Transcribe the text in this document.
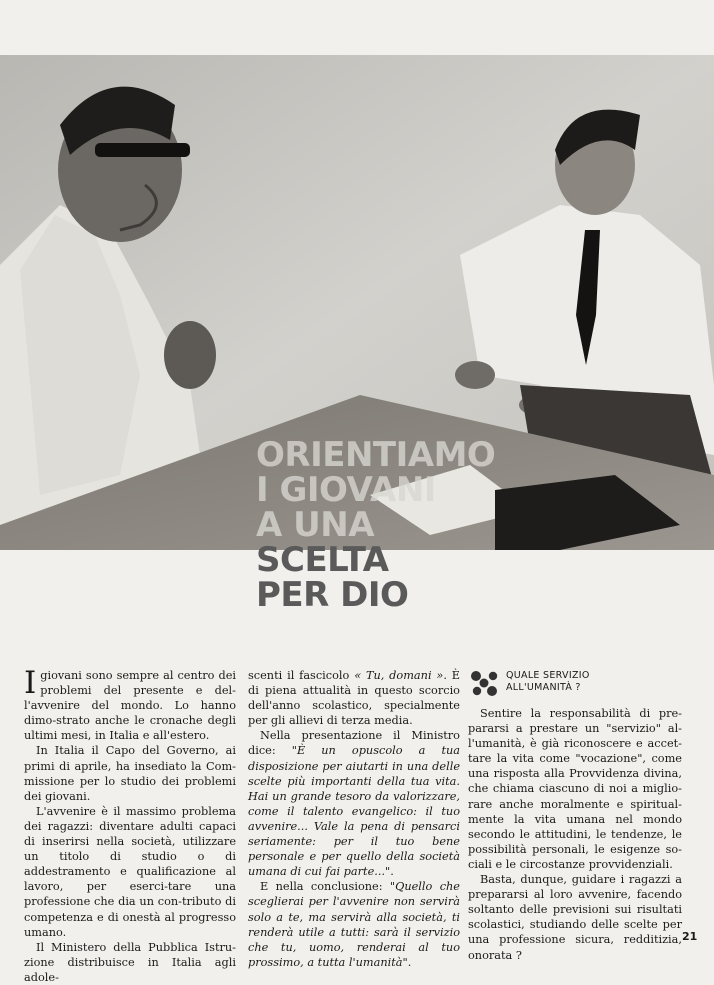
ORIENTIAMO
I GIOVANI
A UNA
SCELTA
PER DIO

Igiovani sono sempre al centro dei problemi del presente e del-l'avvenire del mondo. Lo hanno dimo-strato anche le cronache degli ultimi mesi, in Italia e all'estero.

In Italia il Capo del Governo, ai primi di aprile, ha insediato la Com-missione per lo studio dei problemi dei giovani.

L'avvenire è il massimo problema dei ragazzi: diventare adulti capaci di inserirsi nella società, utilizzare un titolo di studio o di addestramento e qualificazione al lavoro, per eserci-tare una professione che dia un con-tributo di competenza e di onestà al progresso umano.

Il Ministero della Pubblica Istru-zione distribuisce in Italia agli adole-

scenti il fascicolo « Tu, domani ». È di piena attualità in questo scorcio dell'anno scolastico, specialmente per gli allievi di terza media.

Nella presentazione il Ministro dice: "È un opuscolo a tua disposizione per aiutarti in una delle scelte più importanti della tua vita. Hai un grande tesoro da valorizzare, come il talento evangelico: il tuo avvenire... Vale la pena di pensarci seriamente: per il tuo bene personale e per quello della società umana di cui fai parte...".

E nella conclusione: "Quello che sceglierai per l'avvenire non servirà solo a te, ma servirà alla società, ti renderà utile a tutti: sarà il servizio che tu, uomo, renderai al tuo prossimo, a tutta l'umanità".

QUALE SERVIZIO
ALL'UMANITÀ ?

Sentire la responsabilità di pre-pararsi a prestare un "servizio" al-l'umanità, è già riconoscere e accet-tare la vita come "vocazione", come una risposta alla Provvidenza divina, che chiama ciascuno di noi a miglio-rare anche moralmente e spiritual-mente la vita umana nel mondo secondo le attitudini, le tendenze, le possibilità personali, le esigenze so-ciali e le circostanze provvidenziali.

Basta, dunque, guidare i ragazzi a prepararsi al loro avvenire, facendo soltanto delle previsioni sui risultati scolastici, studiando delle scelte per una professione sicura, redditizia, onorata ?

21
